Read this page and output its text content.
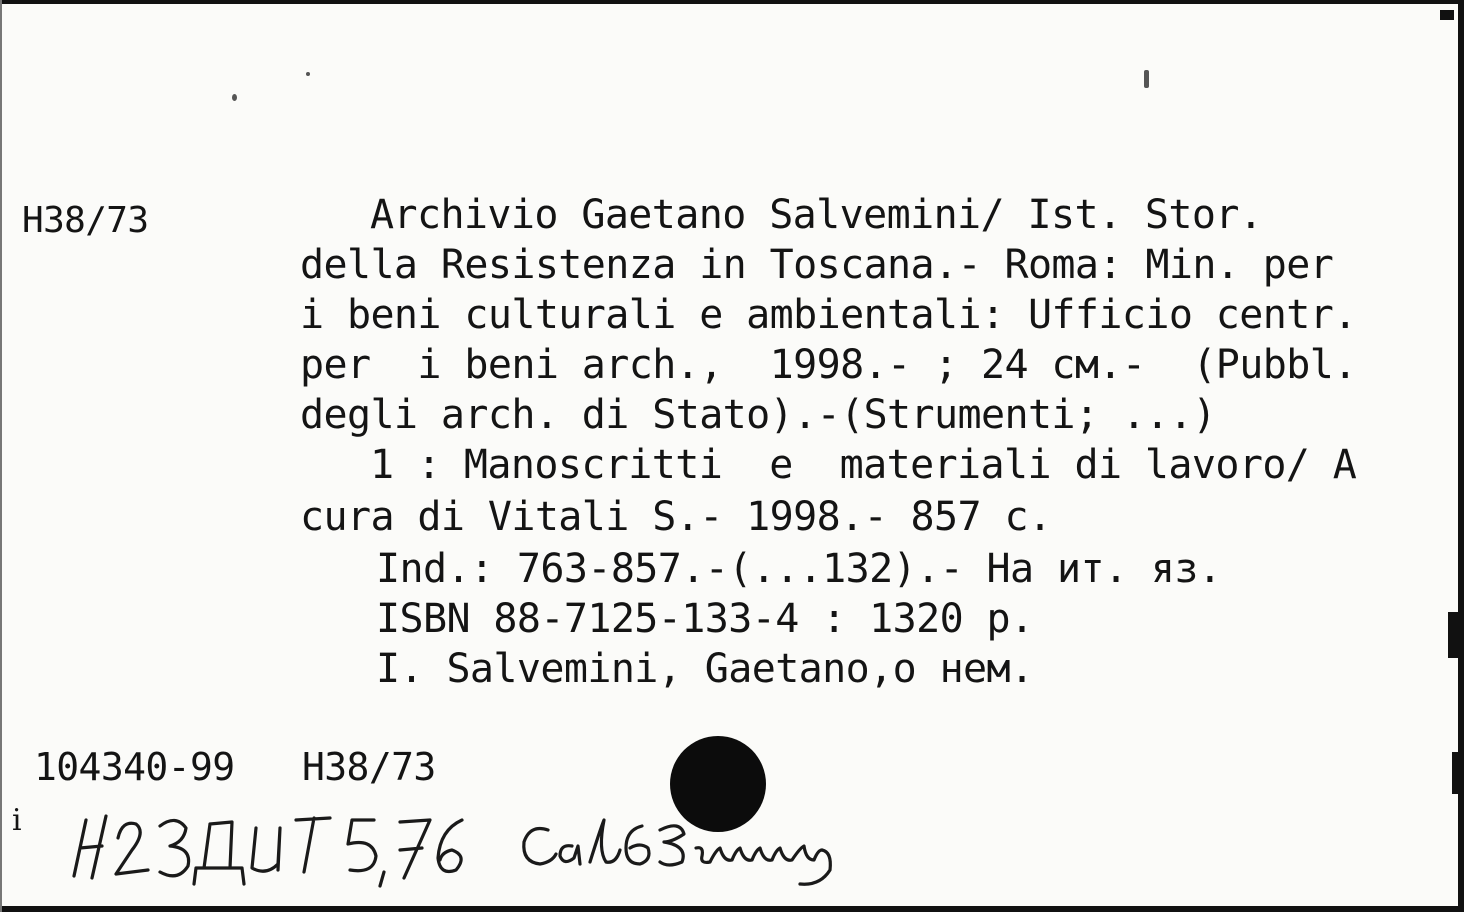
H38/73	Archivio Gaetano Salvemini/ Ist. Stor.
della Resistenza in Toscana.- Roma: Min. per
i beni culturali e ambientali: Ufficio centr.
per  i beni arch.,  1998.- ; 24 см.-  (Pubbl.
degli arch. di Stato).-(Strumenti; ...)
1 : Manoscritti  e  materiali di lavoro/ A
cura di Vitali S.- 1998.- 857 c.
Ind.: 763-857.-(...132).- На ит. яз.
ISBN 88-7125-133-4 : 1320 р.
I. Salvemini, Gaetano,о нем.
104340-99 H38/73
i
